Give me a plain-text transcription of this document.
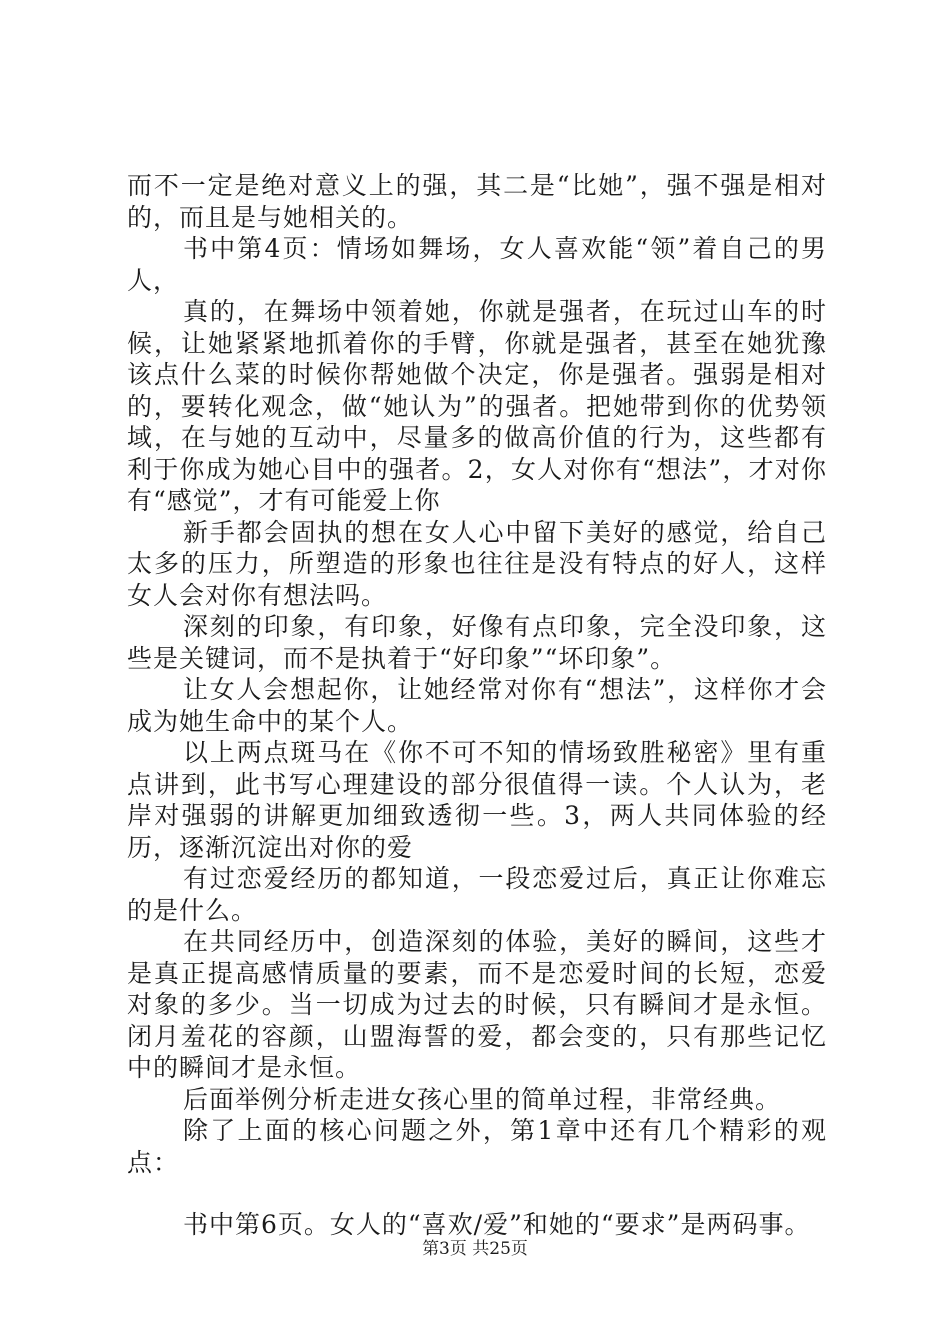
而不一定是绝对意义上的强，其二是“比她”，强不强是相对的，而且是与她相关的。

书中第4页：情场如舞场，女人喜欢能“领”着自己的男人，

真的，在舞场中领着她，你就是强者，在玩过山车的时候，让她紧紧地抓着你的手臂，你就是强者，甚至在她犹豫该点什么菜的时候你帮她做个决定，你是强者。强弱是相对的，要转化观念，做“她认为”的强者。把她带到你的优势领域，在与她的互动中，尽量多的做高价值的行为，这些都有利于你成为她心目中的强者。2，女人对你有“想法”，才对你有“感觉”，才有可能爱上你

新手都会固执的想在女人心中留下美好的感觉，给自己太多的压力，所塑造的形象也往往是没有特点的好人，这样女人会对你有想法吗。

深刻的印象，有印象，好像有点印象，完全没印象，这些是关键词，而不是执着于“好印象”“坏印象”。

让女人会想起你，让她经常对你有“想法”，这样你才会成为她生命中的某个人。

以上两点斑马在《你不可不知的情场致胜秘密》里有重点讲到，此书写心理建设的部分很值得一读。个人认为，老岸对强弱的讲解更加细致透彻一些。3，两人共同体验的经历，逐渐沉淀出对你的爱

有过恋爱经历的都知道，一段恋爱过后，真正让你难忘的是什么。

在共同经历中，创造深刻的体验，美好的瞬间，这些才是真正提高感情质量的要素，而不是恋爱时间的长短，恋爱对象的多少。当一切成为过去的时候，只有瞬间才是永恒。闭月羞花的容颜，山盟海誓的爱，都会变的，只有那些记忆中的瞬间才是永恒。

后面举例分析走进女孩心里的简单过程，非常经典。

除了上面的核心问题之外，第1章中还有几个精彩的观点：

书中第6页。女人的“喜欢/爱”和她的“要求”是两码事。

第3页 共25页
